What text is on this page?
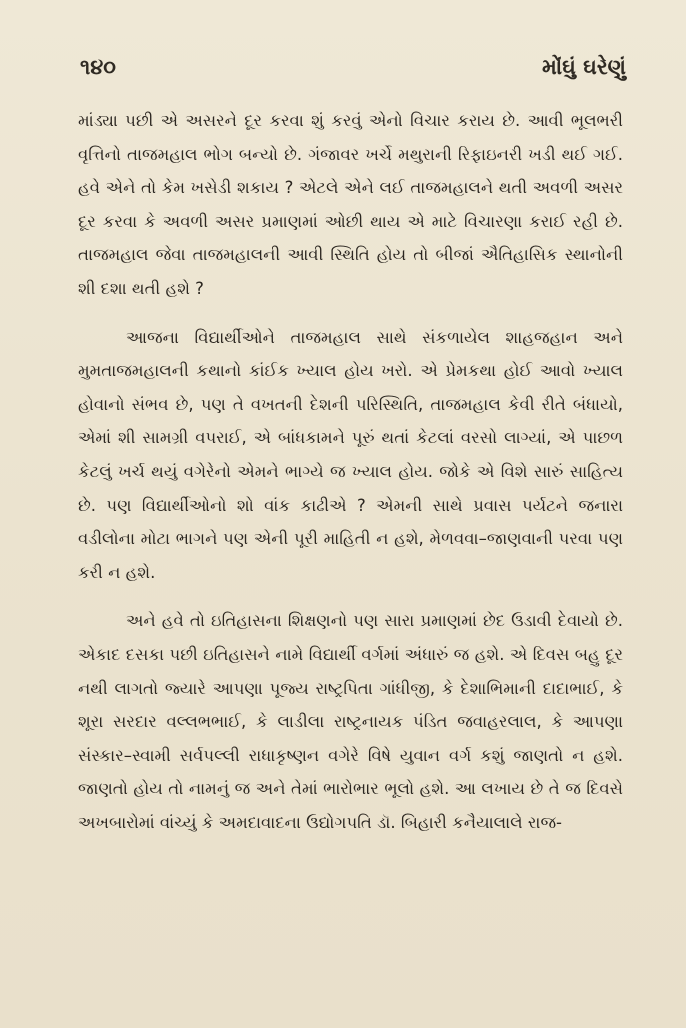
૧૪૦	મોંઘું ઘરેણું

માંડ્યા પછી એ અસરને દૂર કરવા શું કરવું એનો વિચાર કરાય છે. આવી ભૂલભરી વૃત્તિનો તાજમહાલ ભોગ બન્યો છે. ગંજાવર ખર્ચે મથુરાની રિફાઇનરી ખડી થઈ ગઈ. હવે એને તો કેમ ખસેડી શકાય ? એટલે એને લઈ તાજમહાલને થતી અવળી અસર દૂર કરવા કે અવળી અસર પ્રમાણમાં ઓછી થાય એ માટે વિચારણા કરાઈ રહી છે. તાજમહાલ જેવા તાજમહાલની આવી સ્થિતિ હોય તો બીજાં ઐતિહાસિક સ્થાનોની શી દશા થતી હશે ?

આજના વિદ્યાર્થીઓને તાજમહાલ સાથે સંકળાયેલ શાહજહાન અને મુમતાજમહાલની કથાનો કાંઈક ખ્યાલ હોય ખરો. એ પ્રેમકથા હોઈ આવો ખ્યાલ હોવાનો સંભવ છે, પણ તે વખતની દેશની પરિસ્થિતિ, તાજમહાલ કેવી રીતે બંધાયો, એમાં શી સામગ્રી વપરાઈ, એ બાંધકામને પૂરું થતાં કેટલાં વરસો લાગ્યાં, એ પાછળ કેટલું ખર્ચ થયું વગેરેનો એમને ભાગ્યે જ ખ્યાલ હોય. જોકે એ વિશે સારું સાહિત્ય છે. પણ વિદ્યાર્થીઓનો શો વાંક કાઢીએ ? એમની સાથે પ્રવાસ પર્યટને જનારા વડીલોના મોટા ભાગને પણ એની પૂરી માહિતી ન હશે, મેળવવા–જાણવાની પરવા પણ કરી ન હશે.

અને હવે તો ઇતિહાસના શિક્ષણનો પણ સારા પ્રમાણમાં છેદ ઉડાવી દેવાયો છે. એકાદ દસકા પછી ઇતિહાસને નામે વિદ્યાર્થી વર્ગમાં અંધારું જ હશે. એ દિવસ બહુ દૂર નથી લાગતો જ્યારે આપણા પૂજ્ય રાષ્ટ્રપિતા ગાંધીજી, કે દેશાભિમાની દાદાભાઈ, કે શૂરા સરદાર વલ્લભભાઈ, કે લાડીલા રાષ્ટ્રનાયક પંડિત જવાહરલાલ, કે આપણા સંસ્કાર–સ્વામી સર્વપલ્લી રાધાકૃષ્ણન વગેરે વિષે યુવાન વર્ગ કશું જાણતો ન હશે. જાણતો હોય તો નામનું જ અને તેમાં ભારોભાર ભૂલો હશે. આ લખાય છે તે જ દિવસે અખબારોમાં વાંચ્યું કે અમદાવાદના ઉદ્યોગપતિ ડૉ. બિહારી કનૈયાલાલે રાજ-
